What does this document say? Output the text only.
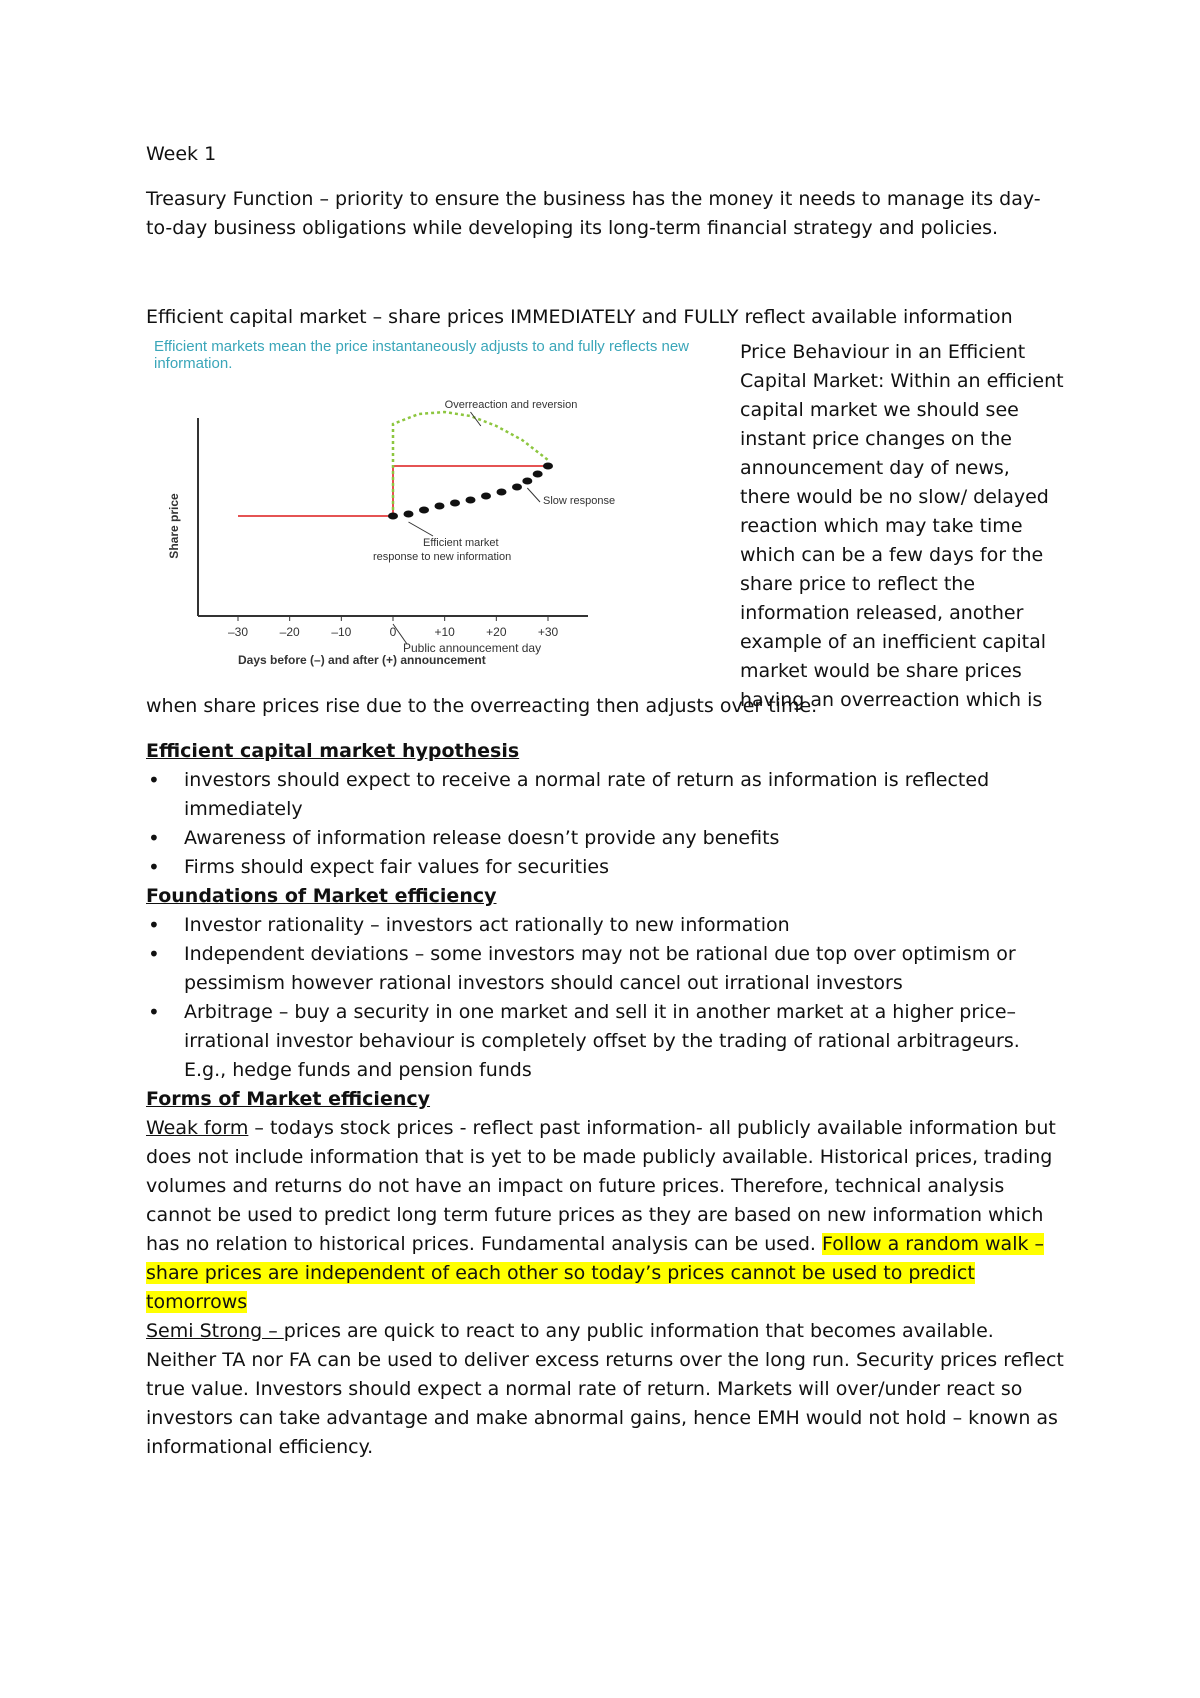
Week 1

Treasury Function – priority to ensure the business has the money it needs to manage its day-to-day business obligations while developing its long-term financial strategy and policies.

Efficient capital market – share prices IMMEDIATELY and FULLY reflect available information

Efficient markets mean the price instantaneously adjusts to and fully reflects new information.
–30	–20	–10	0	+10	+20	+30
Share price
Days before (–) and after (+) announcement
Public announcement day
Overreaction and reversion
Slow response
Efficient market
response to new information
Price Behaviour in an Efficient Capital Market: Within an efficient capital market we should see instant price changes on the announcement day of news, there would be no slow/ delayed reaction which may take time which can be a few days for the share price to reflect the information released, another example of an inefficient capital market would be share prices having an overreaction which is

when share prices rise due to the overreacting then adjusts over time.

Efficient capital market hypothesis

• investors should expect to receive a normal rate of return as information is reflected immediately
• Awareness of information release doesn’t provide any benefits
• Firms should expect fair values for securities

Foundations of Market efficiency

• Investor rationality – investors act rationally to new information
• Independent deviations – some investors may not be rational due top over optimism or pessimism however rational investors should cancel out irrational investors
• Arbitrage – buy a security in one market and sell it in another market at a higher price– irrational investor behaviour is completely offset by the trading of rational arbitrageurs. E.g., hedge funds and pension funds

Forms of Market efficiency

Weak form – todays stock prices - reflect past information- all publicly available information but does not include information that is yet to be made publicly available. Historical prices, trading volumes and returns do not have an impact on future prices. Therefore, technical analysis cannot be used to predict long term future prices as they are based on new information which has no relation to historical prices. Fundamental analysis can be used. Follow a random walk – share prices are independent of each other so today’s prices cannot be used to predict tomorrows

Semi Strong – prices are quick to react to any public information that becomes available. Neither TA nor FA can be used to deliver excess returns over the long run. Security prices reflect true value. Investors should expect a normal rate of return. Markets will over/under react so investors can take advantage and make abnormal gains, hence EMH would not hold – known as informational efficiency.
